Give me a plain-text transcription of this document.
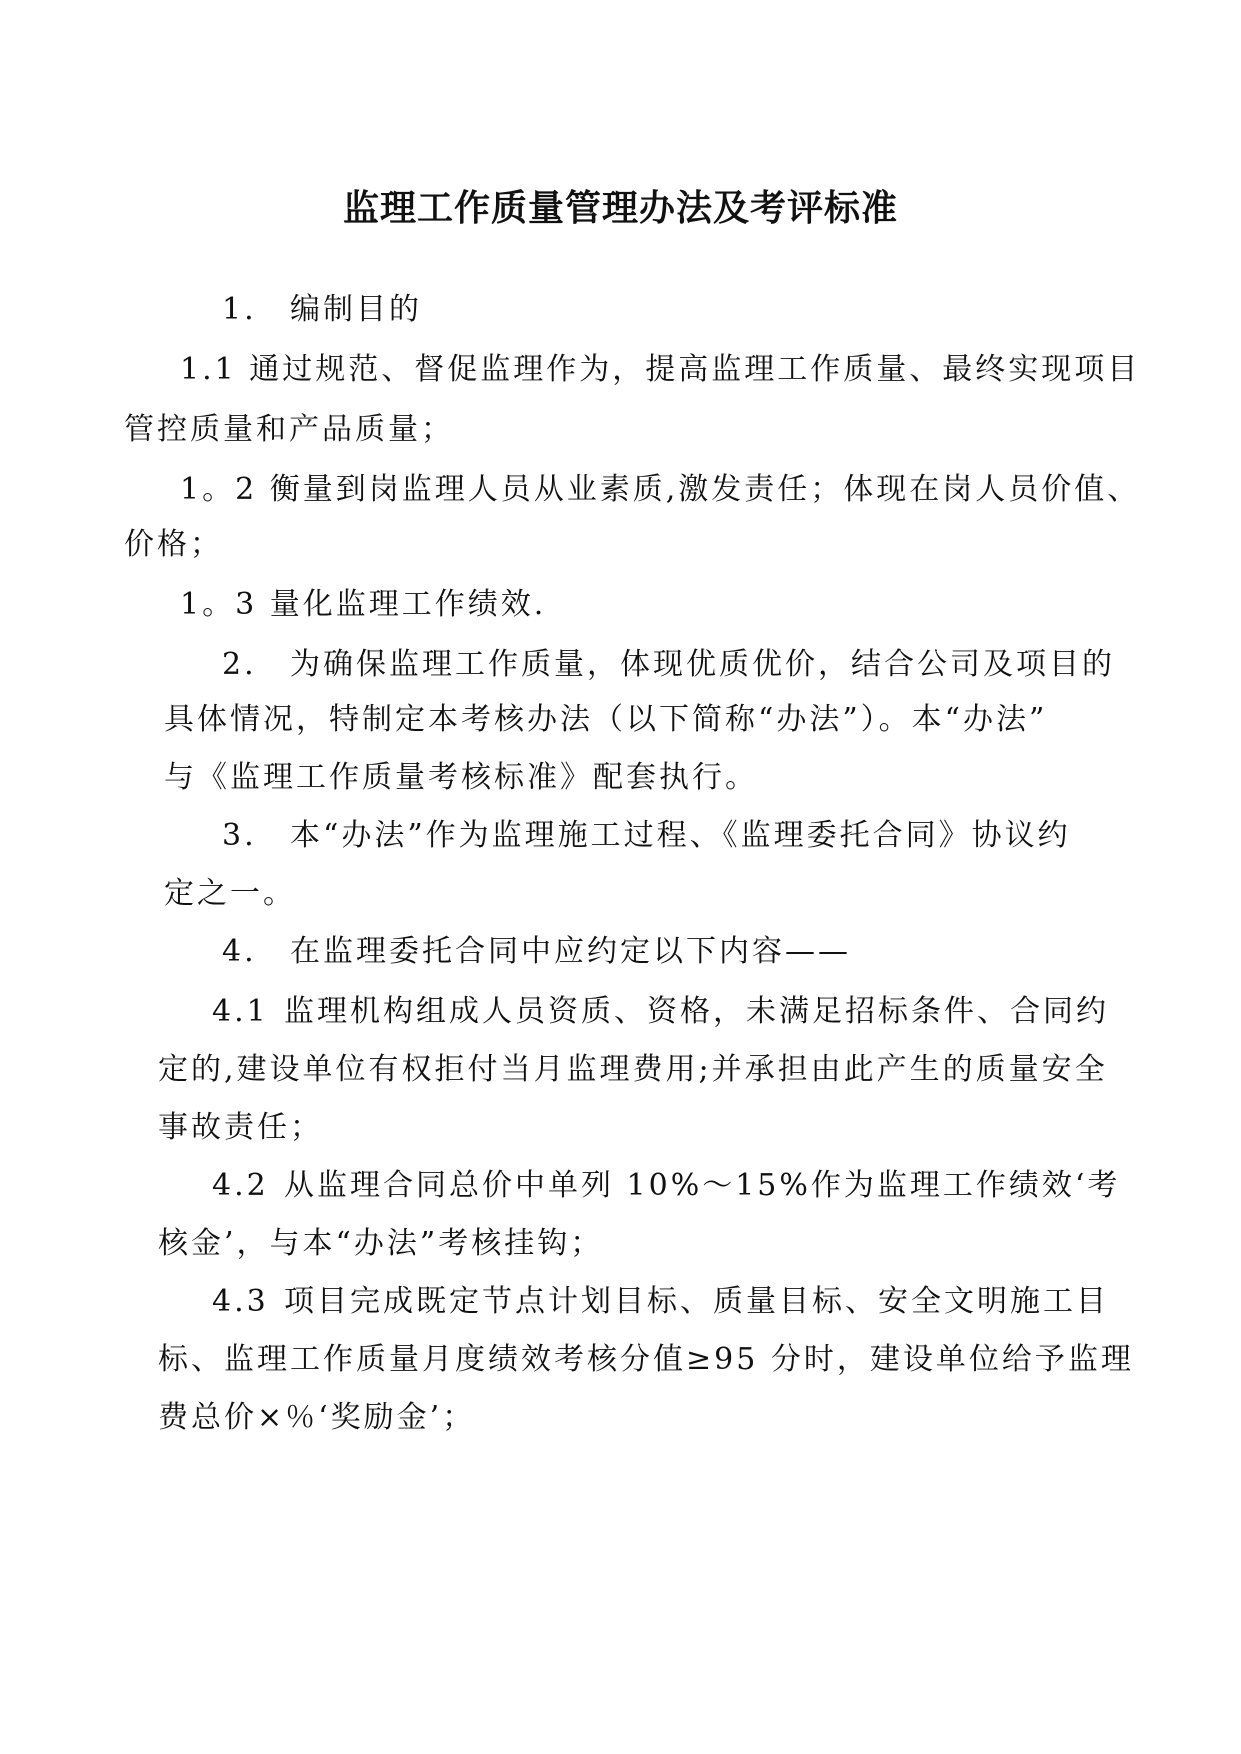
监理工作质量管理办法及考评标准
1. 编制目的
1.1 通过规范、督促监理作为，提高监理工作质量、最终实现项目
管控质量和产品质量；
1。2 衡量到岗监理人员从业素质,激发责任；体现在岗人员价值、
价格；
1。3 量化监理工作绩效.
2. 为确保监理工作质量，体现优质优价，结合公司及项目的
具体情况，特制定本考核办法（以下简称“办法”）。本“办法”
与《监理工作质量考核标准》配套执行。
3. 本“办法”作为监理施工过程、《监理委托合同》协议约
定之一。
4. 在监理委托合同中应约定以下内容——
4.1 监理机构组成人员资质、资格，未满足招标条件、合同约
定的,建设单位有权拒付当月监理费用;并承担由此产生的质量安全
事故责任；
4.2 从监理合同总价中单列 10%～15%作为监理工作绩效‘考
核金’，与本“办法”考核挂钩；
4.3 项目完成既定节点计划目标、质量目标、安全文明施工目
标、监理工作质量月度绩效考核分值≥95 分时，建设单位给予监理
费总价×％‘奖励金’；
